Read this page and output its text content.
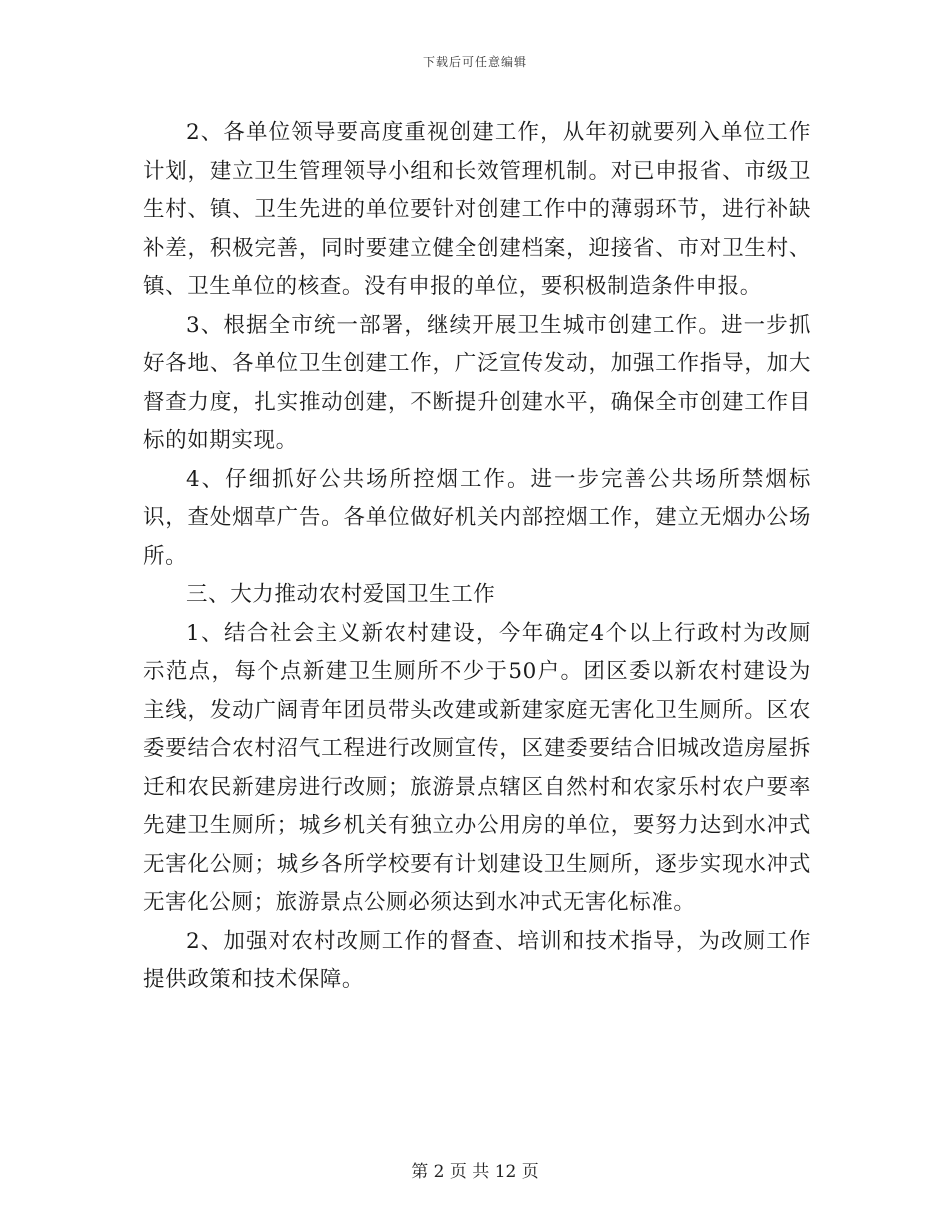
下载后可任意编辑

2、各单位领导要高度重视创建工作，从年初就要列入单位工作计划，建立卫生管理领导小组和长效管理机制。对已申报省、市级卫生村、镇、卫生先进的单位要针对创建工作中的薄弱环节，进行补缺补差，积极完善，同时要建立健全创建档案，迎接省、市对卫生村、镇、卫生单位的核查。没有申报的单位，要积极制造条件申报。

3、根据全市统一部署，继续开展卫生城市创建工作。进一步抓好各地、各单位卫生创建工作，广泛宣传发动，加强工作指导，加大督查力度，扎实推动创建，不断提升创建水平，确保全市创建工作目标的如期实现。

4、仔细抓好公共场所控烟工作。进一步完善公共场所禁烟标识，查处烟草广告。各单位做好机关内部控烟工作，建立无烟办公场所。

三、大力推动农村爱国卫生工作

1、结合社会主义新农村建设，今年确定4个以上行政村为改厕示范点，每个点新建卫生厕所不少于50户。团区委以新农村建设为主线，发动广阔青年团员带头改建或新建家庭无害化卫生厕所。区农委要结合农村沼气工程进行改厕宣传，区建委要结合旧城改造房屋拆迁和农民新建房进行改厕；旅游景点辖区自然村和农家乐村农户要率先建卫生厕所；城乡机关有独立办公用房的单位，要努力达到水冲式无害化公厕；城乡各所学校要有计划建设卫生厕所，逐步实现水冲式无害化公厕；旅游景点公厕必须达到水冲式无害化标准。

2、加强对农村改厕工作的督查、培训和技术指导，为改厕工作提供政策和技术保障。

第 2 页 共 12 页
